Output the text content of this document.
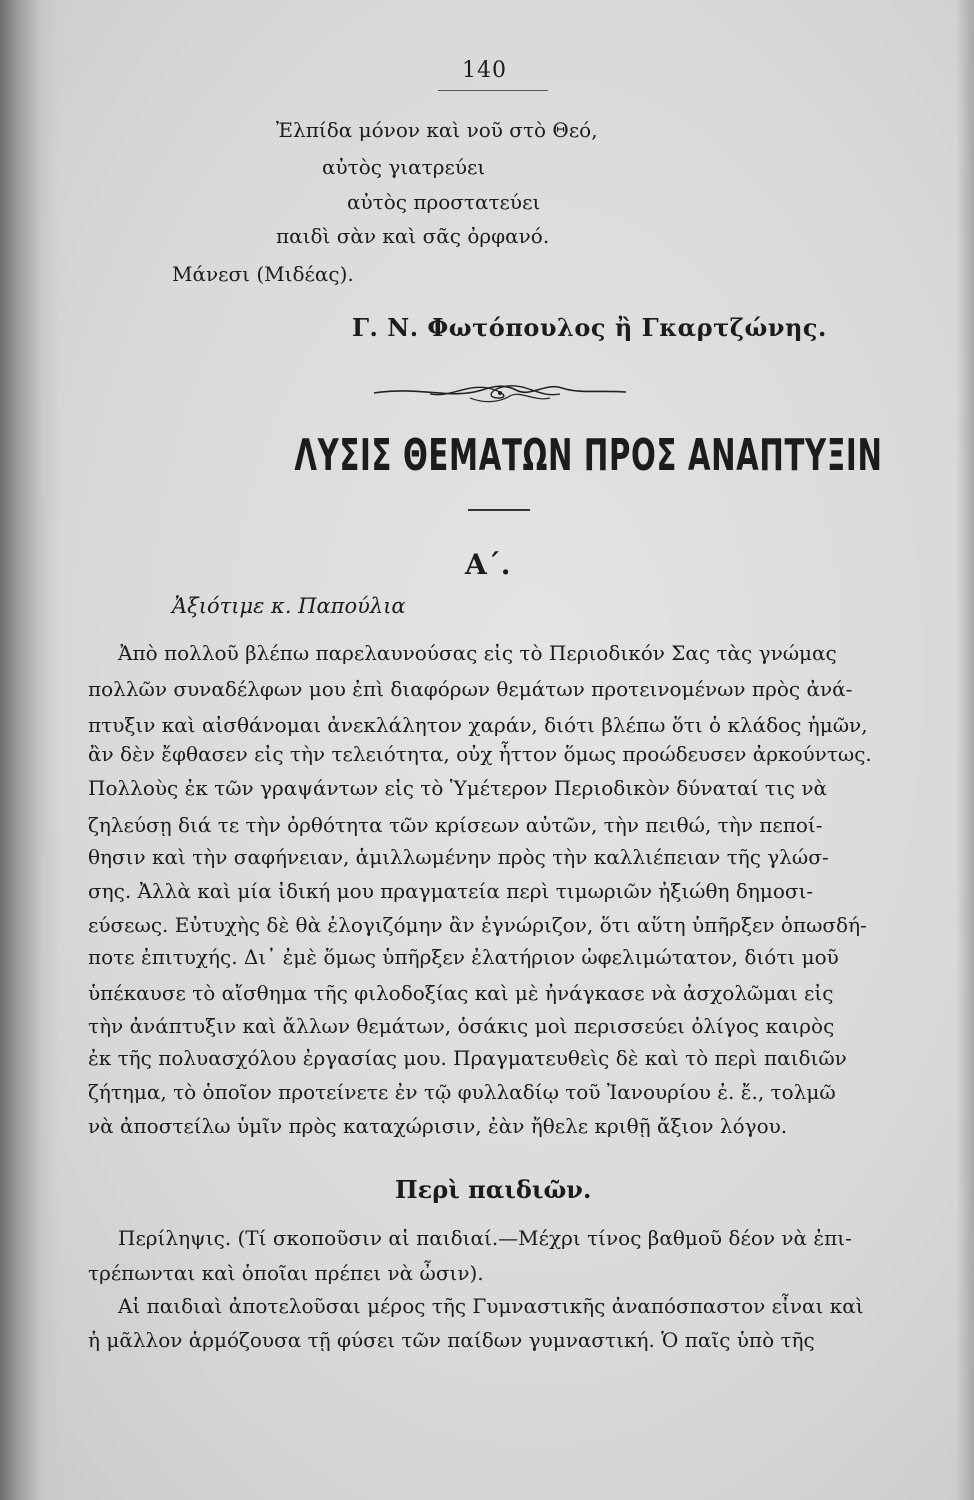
140
Ἐλπίδα μόνον καὶ νοῦ στὸ Θεό,
αὐτὸς γιατρεύει
αὐτὸς προστατεύει
παιδὶ σὰν καὶ σᾶς ὀρφανό.
Μάνεσι (Μιδέας).
Γ. Ν. Φωτόπουλος ἢ Γκαρτζώνης.
ΛΥΣΙΣ ΘΕΜΑΤΩΝ ΠΡΟΣ ΑΝΑΠΤΥΞΙΝ
Α΄.
Ἀξιότιμε κ. Παπούλια
Ἀπὸ πολλοῦ βλέπω παρελαυνούσας εἰς τὸ Περιοδικόν Σας τὰς γνώμας
πολλῶν συναδέλφων μου ἐπὶ διαφόρων θεμάτων προτεινομένων πρὸς ἀνά-
πτυξιν καὶ αἰσθάνομαι ἀνεκλάλητον χαράν, διότι βλέπω ὅτι ὁ κλάδος ἡμῶν,
ἂν δὲν ἔφθασεν εἰς τὴν τελειότητα, οὐχ ἧττον ὅμως προώδευσεν ἀρκούντως.
Πολλοὺς ἐκ τῶν γραψάντων εἰς τὸ Ὑμέτερον Περιοδικὸν δύναταί τις νὰ
ζηλεύσῃ διά τε τὴν ὀρθότητα τῶν κρίσεων αὐτῶν, τὴν πειθώ, τὴν πεποί-
θησιν καὶ τὴν σαφήνειαν, ἁμιλλωμένην πρὸς τὴν καλλιέπειαν τῆς γλώσ-
σης. Ἀλλὰ καὶ μία ἰδική μου πραγματεία περὶ τιμωριῶν ἠξιώθη δημοσι-
εύσεως. Εὐτυχὴς δὲ θὰ ἐλογιζόμην ἂν ἐγνώριζον, ὅτι αὕτη ὑπῆρξεν ὁπωσδή-
ποτε ἐπιτυχής. Δι᾿ ἐμὲ ὅμως ὑπῆρξεν ἐλατήριον ὠφελιμώτατον, διότι μοῦ
ὑπέκαυσε τὸ αἴσθημα τῆς φιλοδοξίας καὶ μὲ ἠνάγκασε νὰ ἀσχολῶμαι εἰς
τὴν ἀνάπτυξιν καὶ ἄλλων θεμάτων, ὁσάκις μοὶ περισσεύει ὀλίγος καιρὸς
ἐκ τῆς πολυασχόλου ἐργασίας μου. Πραγματευθεὶς δὲ καὶ τὸ περὶ παιδιῶν
ζήτημα, τὸ ὁποῖον προτείνετε ἐν τῷ φυλλαδίῳ τοῦ Ἰανουρίου ἐ. ἔ., τολμῶ
νὰ ἀποστείλω ὑμῖν πρὸς καταχώρισιν, ἐὰν ἤθελε κριθῇ ἄξιον λόγου.
Περὶ παιδιῶν.
Περίληψις. (Τί σκοποῦσιν αἱ παιδιαί.—Μέχρι τίνος βαθμοῦ δέον νὰ ἐπι-
τρέπωνται καὶ ὁποῖαι πρέπει νὰ ὦσιν).
Αἱ παιδιαὶ ἀποτελοῦσαι μέρος τῆς Γυμναστικῆς ἀναπόσπαστον εἶναι καὶ
ἡ μᾶλλον ἁρμόζουσα τῇ φύσει τῶν παίδων γυμναστική. Ὁ παῖς ὑπὸ τῆς
